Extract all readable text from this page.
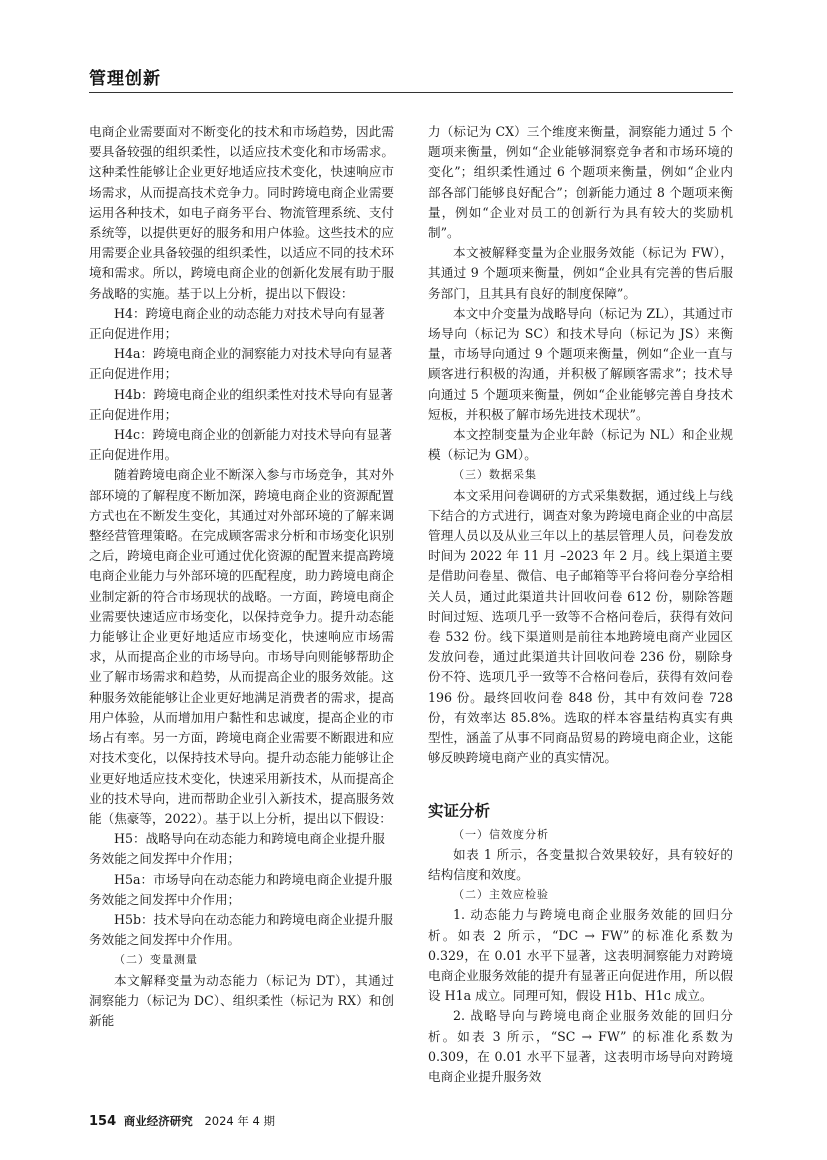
管理创新

电商企业需要面对不断变化的技术和市场趋势，因此需要具备较强的组织柔性，以适应技术变化和市场需求。这种柔性能够让企业更好地适应技术变化，快速响应市场需求，从而提高技术竞争力。同时跨境电商企业需要运用各种技术，如电子商务平台、物流管理系统、支付系统等，以提供更好的服务和用户体验。这些技术的应用需要企业具备较强的组织柔性，以适应不同的技术环境和需求。所以，跨境电商企业的创新化发展有助于服务战略的实施。基于以上分析，提出以下假设：

H4：跨境电商企业的动态能力对技术导向有显著正向促进作用；

H4a：跨境电商企业的洞察能力对技术导向有显著正向促进作用；

H4b：跨境电商企业的组织柔性对技术导向有显著正向促进作用；

H4c：跨境电商企业的创新能力对技术导向有显著正向促进作用。

随着跨境电商企业不断深入参与市场竞争，其对外部环境的了解程度不断加深，跨境电商企业的资源配置方式也在不断发生变化，其通过对外部环境的了解来调整经营管理策略。在完成顾客需求分析和市场变化识别之后，跨境电商企业可通过优化资源的配置来提高跨境电商企业能力与外部环境的匹配程度，助力跨境电商企业制定新的符合市场现状的战略。一方面，跨境电商企业需要快速适应市场变化，以保持竞争力。提升动态能力能够让企业更好地适应市场变化，快速响应市场需求，从而提高企业的市场导向。市场导向则能够帮助企业了解市场需求和趋势，从而提高企业的服务效能。这种服务效能能够让企业更好地满足消费者的需求，提高用户体验，从而增加用户黏性和忠诚度，提高企业的市场占有率。另一方面，跨境电商企业需要不断跟进和应对技术变化，以保持技术导向。提升动态能力能够让企业更好地适应技术变化，快速采用新技术，从而提高企业的技术导向，进而帮助企业引入新技术，提高服务效能（焦豪等，2022）。基于以上分析，提出以下假设：

H5：战略导向在动态能力和跨境电商企业提升服务效能之间发挥中介作用；

H5a：市场导向在动态能力和跨境电商企业提升服务效能之间发挥中介作用；

H5b：技术导向在动态能力和跨境电商企业提升服务效能之间发挥中介作用。

（二）变量测量

本文解释变量为动态能力（标记为 DT），其通过洞察能力（标记为 DC）、组织柔性（标记为 RX）和创新能

力（标记为 CX）三个维度来衡量，洞察能力通过 5 个题项来衡量，例如“企业能够洞察竞争者和市场环境的变化”；组织柔性通过 6 个题项来衡量，例如“企业内部各部门能够良好配合”；创新能力通过 8 个题项来衡量，例如“企业对员工的创新行为具有较大的奖励机制”。

本文被解释变量为企业服务效能（标记为 FW），其通过 9 个题项来衡量，例如“企业具有完善的售后服务部门，且其具有良好的制度保障”。

本文中介变量为战略导向（标记为 ZL），其通过市场导向（标记为 SC）和技术导向（标记为 JS）来衡量，市场导向通过 9 个题项来衡量，例如“企业一直与顾客进行积极的沟通，并积极了解顾客需求”；技术导向通过 5 个题项来衡量，例如“企业能够完善自身技术短板，并积极了解市场先进技术现状”。

本文控制变量为企业年龄（标记为 NL）和企业规模（标记为 GM）。

（三）数据采集

本文采用问卷调研的方式采集数据，通过线上与线下结合的方式进行，调查对象为跨境电商企业的中高层管理人员以及从业三年以上的基层管理人员，问卷发放时间为 2022 年 11 月 –2023 年 2 月。线上渠道主要是借助问卷星、微信、电子邮箱等平台将问卷分享给相关人员，通过此渠道共计回收问卷 612 份，剔除答题时间过短、选项几乎一致等不合格问卷后，获得有效问卷 532 份。线下渠道则是前往本地跨境电商产业园区发放问卷，通过此渠道共计回收问卷 236 份，剔除身份不符、选项几乎一致等不合格问卷后，获得有效问卷 196 份。最终回收问卷 848 份，其中有效问卷 728 份，有效率达 85.8%。选取的样本容量结构真实有典型性，涵盖了从事不同商品贸易的跨境电商企业，这能够反映跨境电商产业的真实情况。

实证分析
（一）信效度分析

如表 1 所示，各变量拟合效果较好，具有较好的结构信度和效度。

（二）主效应检验

1. 动态能力与跨境电商企业服务效能的回归分析。如表 2 所示，“DC → FW”的标准化系数为 0.329，在 0.01 水平下显著，这表明洞察能力对跨境电商企业服务效能的提升有显著正向促进作用，所以假设 H1a 成立。同理可知，假设 H1b、H1c 成立。

2. 战略导向与跨境电商企业服务效能的回归分析。如表 3 所示，“SC → FW” 的标准化系数为 0.309，在 0.01 水平下显著，这表明市场导向对跨境电商企业提升服务效

154 商业经济研究 2024 年 4 期
